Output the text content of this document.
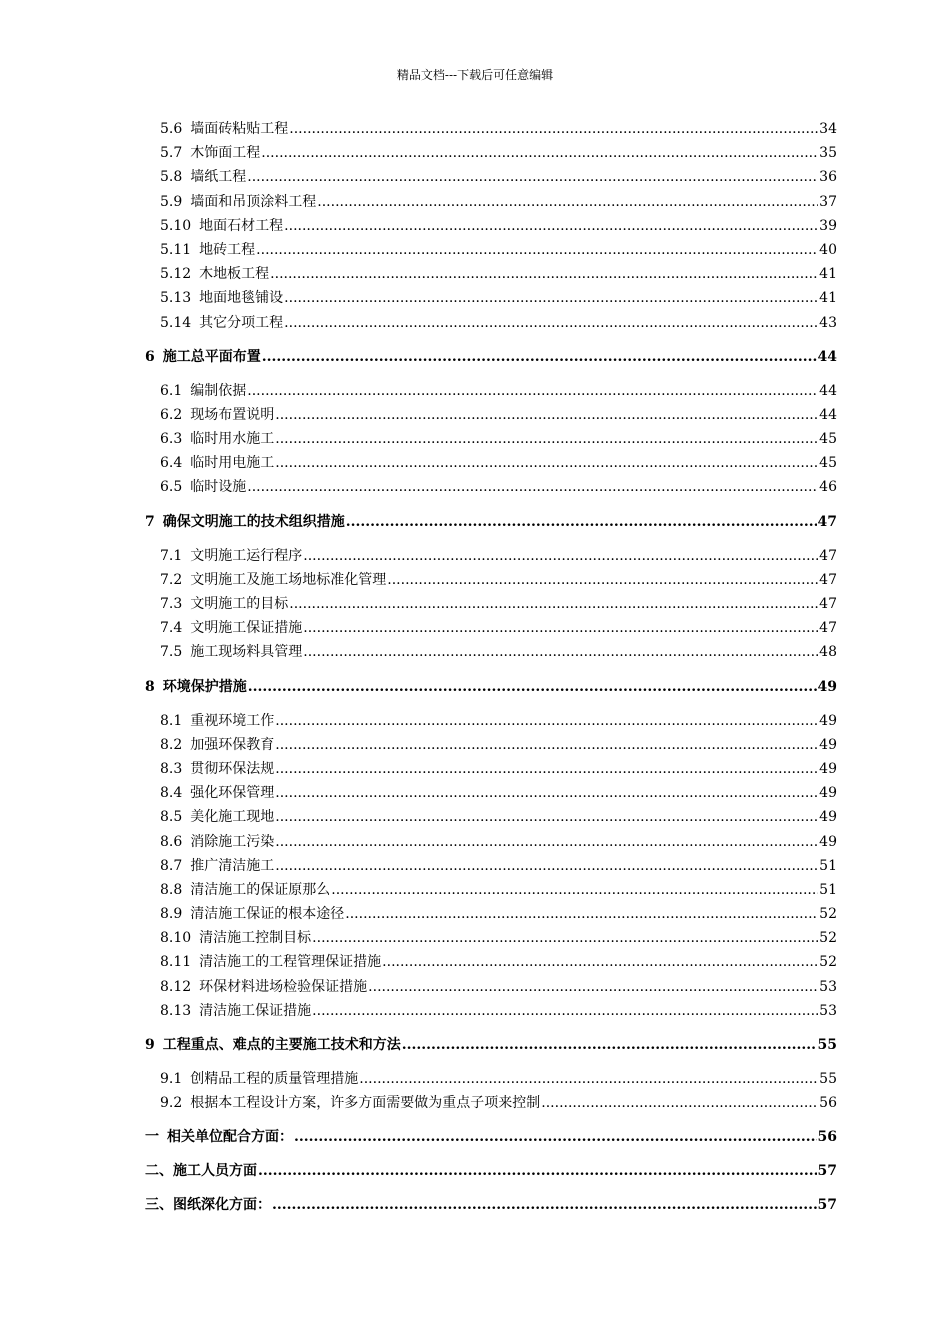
精品文档---下载后可任意编辑
5.6 墙面砖粘贴工程 .....	34
5.7 木饰面工程 .....	35
5.8 墙纸工程 .....	36
5.9 墙面和吊顶涂料工程 .....	37
5.10 地面石材工程 .....	39
5.11 地砖工程 .....	40
5.12 木地板工程 .....	41
5.13 地面地毯铺设 .....	41
5.14 其它分项工程 .....	43
6 施工总平面布置 .....	44
6.1 编制依据 .....	44
6.2 现场布置说明 .....	44
6.3 临时用水施工 .....	45
6.4 临时用电施工 .....	45
6.5 临时设施 .....	46
7 确保文明施工的技术组织措施 .....	47
7.1 文明施工运行程序 .....	47
7.2 文明施工及施工场地标准化管理 .....	47
7.3 文明施工的目标 .....	47
7.4 文明施工保证措施 .....	47
7.5 施工现场料具管理 .....	48
8 环境保护措施 .....	49
8.1 重视环境工作 .....	49
8.2 加强环保教育 .....	49
8.3 贯彻环保法规 .....	49
8.4 强化环保管理 .....	49
8.5 美化施工现地 .....	49
8.6 消除施工污染 .....	49
8.7 推广清洁施工 .....	51
8.8 清洁施工的保证原那么 .....	51
8.9 清洁施工保证的根本途径 .....	52
8.10 清洁施工控制目标 .....	52
8.11 清洁施工的工程管理保证措施 .....	52
8.12 环保材料进场检验保证措施 .....	53
8.13 清洁施工保证措施 .....	53
9 工程重点、难点的主要施工技术和方法 .....	55
9.1 创精品工程的质量管理措施 .....	55
9.2 根据本工程设计方案，许多方面需要做为重点子项来控制 .....	56
一 相关单位配合方面： .....	56
二、施工人员方面 .....	57
三、图纸深化方面： .....	57
